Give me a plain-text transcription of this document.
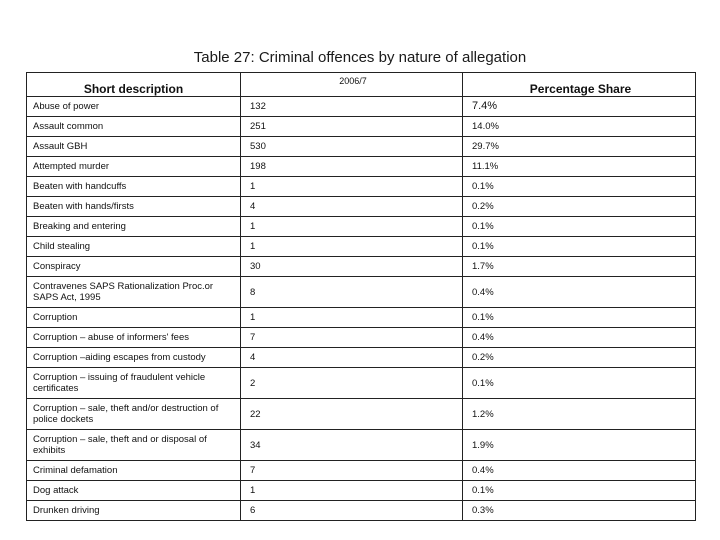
Table 27: Criminal offences by nature of allegation
Short description	2006/7	Percentage Share
Abuse of power	132	7.4%
Assault common	251	14.0%
Assault GBH	530	29.7%
Attempted murder	198	11.1%
Beaten with handcuffs	1	0.1%
Beaten with hands/firsts	4	0.2%
Breaking and entering	1	0.1%
Child stealing	1	0.1%
Conspiracy	30	1.7%
Contravenes SAPS Rationalization Proc.or SAPS Act, 1995	8	0.4%
Corruption	1	0.1%
Corruption – abuse of informers' fees	7	0.4%
Corruption –aiding escapes from custody	4	0.2%
Corruption – issuing of fraudulent vehicle certificates	2	0.1%
Corruption – sale, theft and/or destruction of police dockets	22	1.2%
Corruption – sale, theft and or disposal of exhibits	34	1.9%
Criminal defamation	7	0.4%
Dog attack	1	0.1%
Drunken driving	6	0.3%
